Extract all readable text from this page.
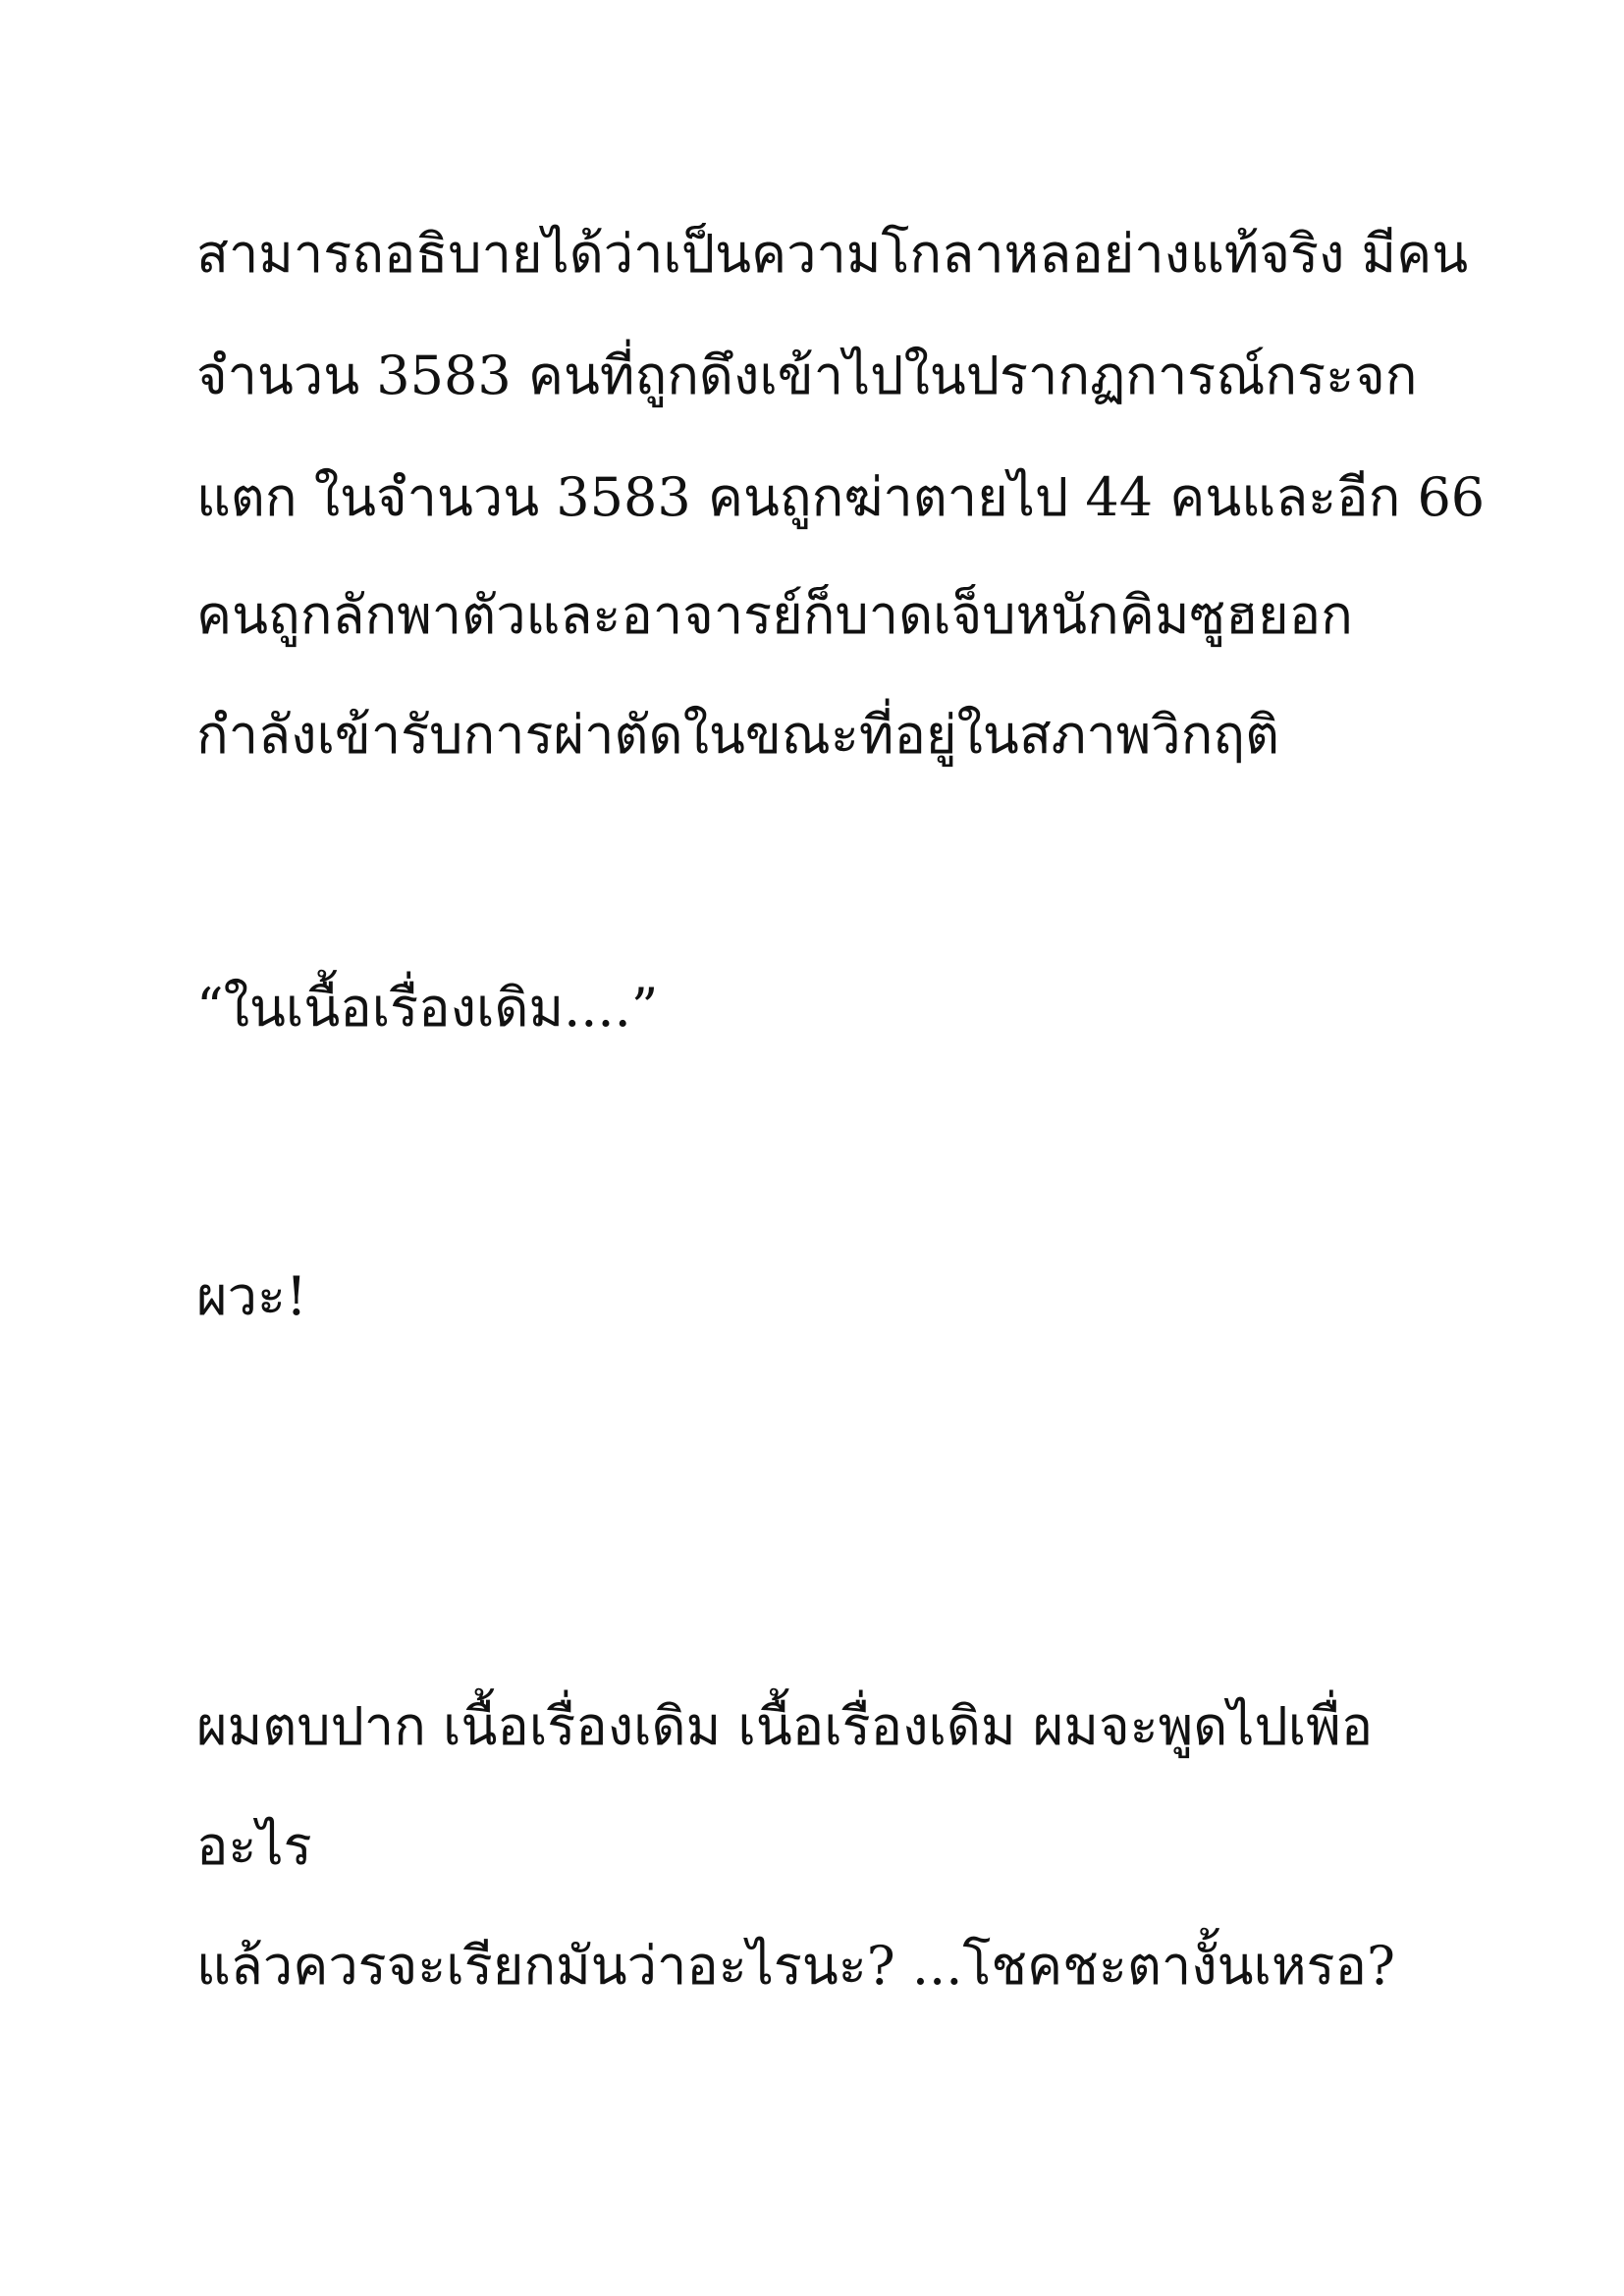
สามารถอธิบายได้ว่าเป็นความโกลาหลอย่างแท้จริง มีคน
จำนวน 3583 คนที่ถูกดึงเข้าไปในปรากฏการณ์กระจก
แตก ในจำนวน 3583 คนถูกฆ่าตายไป 44 คนและอีก 66
คนถูกลักพาตัวและอาจารย์ก็บาดเจ็บหนักคิมซูฮยอก
กำลังเข้ารับการผ่าตัดในขณะที่อยู่ในสภาพวิกฤติ
“ในเนื้อเรื่องเดิม....”
ผวะ!
ผมตบปาก เนื้อเรื่องเดิม เนื้อเรื่องเดิม ผมจะพูดไปเพื่อ
อะไร
แล้วควรจะเรียกมันว่าอะไรนะ? ...โชคชะตางั้นเหรอ?
